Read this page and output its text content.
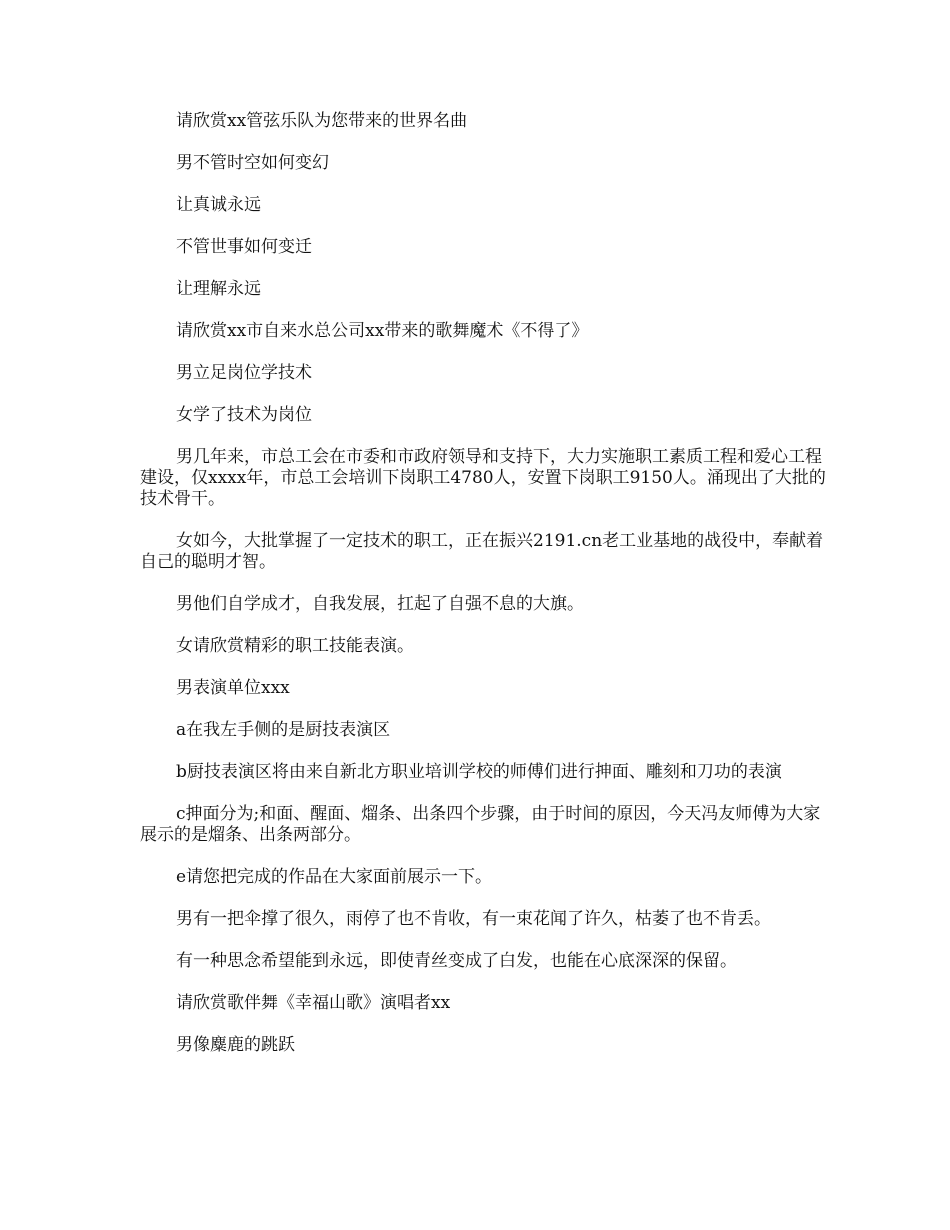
请欣赏xx管弦乐队为您带来的世界名曲

男不管时空如何变幻

让真诚永远

不管世事如何变迁

让理解永远

请欣赏xx市自来水总公司xx带来的歌舞魔术《不得了》

男立足岗位学技术

女学了技术为岗位

男几年来，市总工会在市委和市政府领导和支持下，大力实施职工素质工程和爱心工程建设，仅xxxx年，市总工会培训下岗职工4780人，安置下岗职工9150人。涌现出了大批的技术骨干。

女如今，大批掌握了一定技术的职工，正在振兴2191.cn老工业基地的战役中，奉献着自己的聪明才智。

男他们自学成才，自我发展，扛起了自强不息的大旗。

女请欣赏精彩的职工技能表演。

男表演单位xxx

a在我左手侧的是厨技表演区

b厨技表演区将由来自新北方职业培训学校的师傅们进行抻面、雕刻和刀功的表演

c抻面分为;和面、醒面、熘条、出条四个步骤，由于时间的原因，今天冯友师傅为大家展示的是熘条、出条两部分。

e请您把完成的作品在大家面前展示一下。

男有一把伞撑了很久，雨停了也不肯收，有一束花闻了许久，枯萎了也不肯丢。

有一种思念希望能到永远，即使青丝变成了白发，也能在心底深深的保留。

请欣赏歌伴舞《幸福山歌》演唱者xx

男像麋鹿的跳跃
